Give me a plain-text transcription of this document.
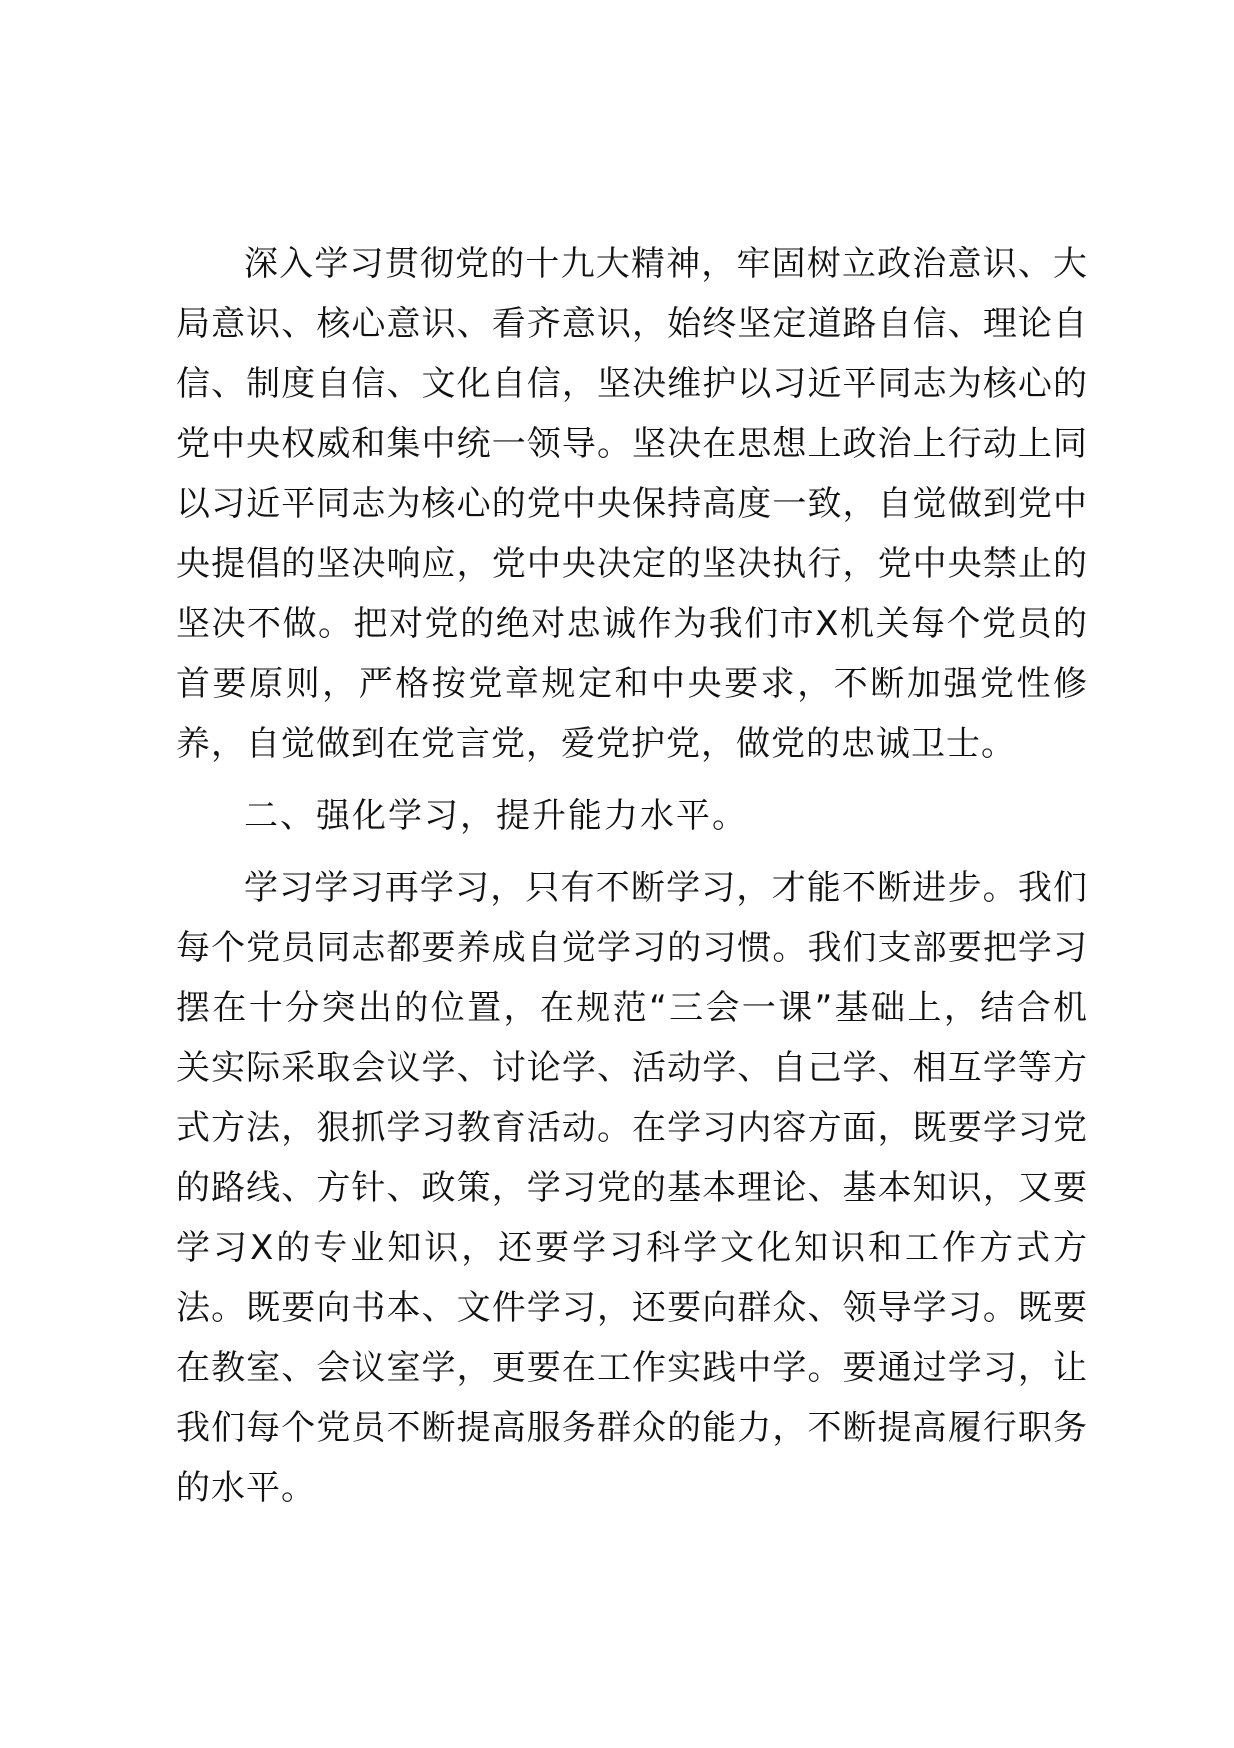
深入学习贯彻党的十九大精神，牢固树立政治意识、大局意识、核心意识、看齐意识，始终坚定道路自信、理论自信、制度自信、文化自信，坚决维护以习近平同志为核心的党中央权威和集中统一领导。坚决在思想上政治上行动上同以习近平同志为核心的党中央保持高度一致，自觉做到党中央提倡的坚决响应，党中央决定的坚决执行，党中央禁止的坚决不做。把对党的绝对忠诚作为我们市X机关每个党员的首要原则，严格按党章规定和中央要求，不断加强党性修养，自觉做到在党言党，爱党护党，做党的忠诚卫士。

二、强化学习，提升能力水平。

学习学习再学习，只有不断学习，才能不断进步。我们每个党员同志都要养成自觉学习的习惯。我们支部要把学习摆在十分突出的位置，在规范“三会一课”基础上，结合机关实际采取会议学、讨论学、活动学、自己学、相互学等方式方法，狠抓学习教育活动。在学习内容方面，既要学习党的路线、方针、政策，学习党的基本理论、基本知识，又要学习X的专业知识，还要学习科学文化知识和工作方式方法。既要向书本、文件学习，还要向群众、领导学习。既要在教室、会议室学，更要在工作实践中学。要通过学习，让我们每个党员不断提高服务群众的能力，不断提高履行职务的水平。
